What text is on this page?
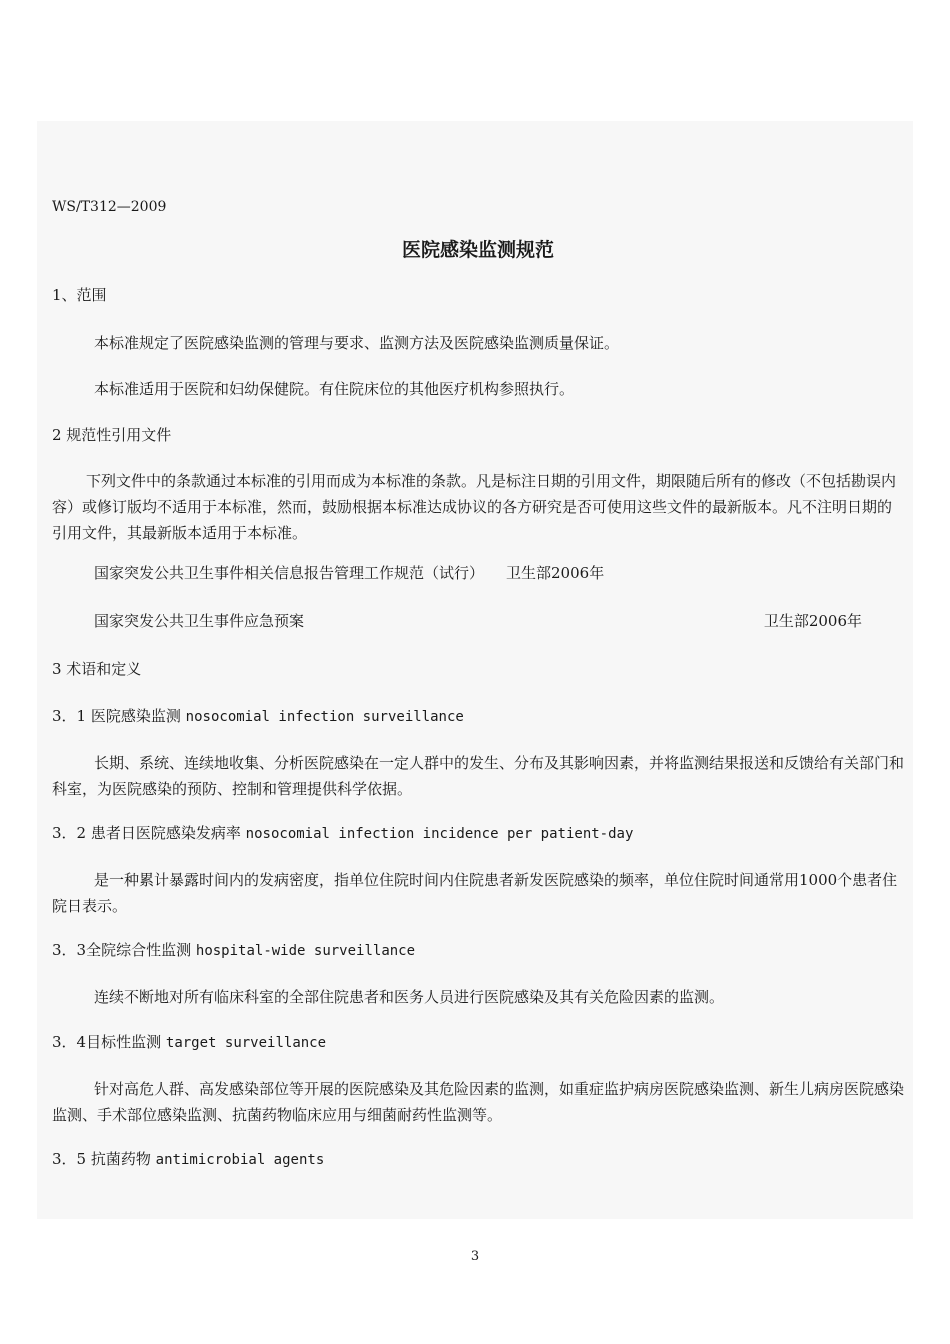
WS/T312—2009

医院感染监测规范

1、范围

本标准规定了医院感染监测的管理与要求、监测方法及医院感染监测质量保证。

本标准适用于医院和妇幼保健院。有住院床位的其他医疗机构参照执行。

2 规范性引用文件

下列文件中的条款通过本标准的引用而成为本标准的条款。凡是标注日期的引用文件，期限随后所有的修改（不包括勘误内容）或修订版均不适用于本标准，然而，鼓励根据本标准达成协议的各方研究是否可使用这些文件的最新版本。凡不注明日期的引用文件，其最新版本适用于本标准。

国家突发公共卫生事件相关信息报告管理工作规范（试行） 卫生部2006年

国家突发公共卫生事件应急预案	卫生部2006年

3 术语和定义

3．1 医院感染监测 nosocomial infection surveillance

长期、系统、连续地收集、分析医院感染在一定人群中的发生、分布及其影响因素，并将监测结果报送和反馈给有关部门和科室，为医院感染的预防、控制和管理提供科学依据。

3．2 患者日医院感染发病率 nosocomial infection incidence per patient-day

是一种累计暴露时间内的发病密度，指单位住院时间内住院患者新发医院感染的频率，单位住院时间通常用1000个患者住院日表示。

3．3全院综合性监测 hospital-wide surveillance

连续不断地对所有临床科室的全部住院患者和医务人员进行医院感染及其有关危险因素的监测。

3．4目标性监测 target surveillance

针对高危人群、高发感染部位等开展的医院感染及其危险因素的监测，如重症监护病房医院感染监测、新生儿病房医院感染监测、手术部位感染监测、抗菌药物临床应用与细菌耐药性监测等。

3．5 抗菌药物 antimicrobial agents

3
